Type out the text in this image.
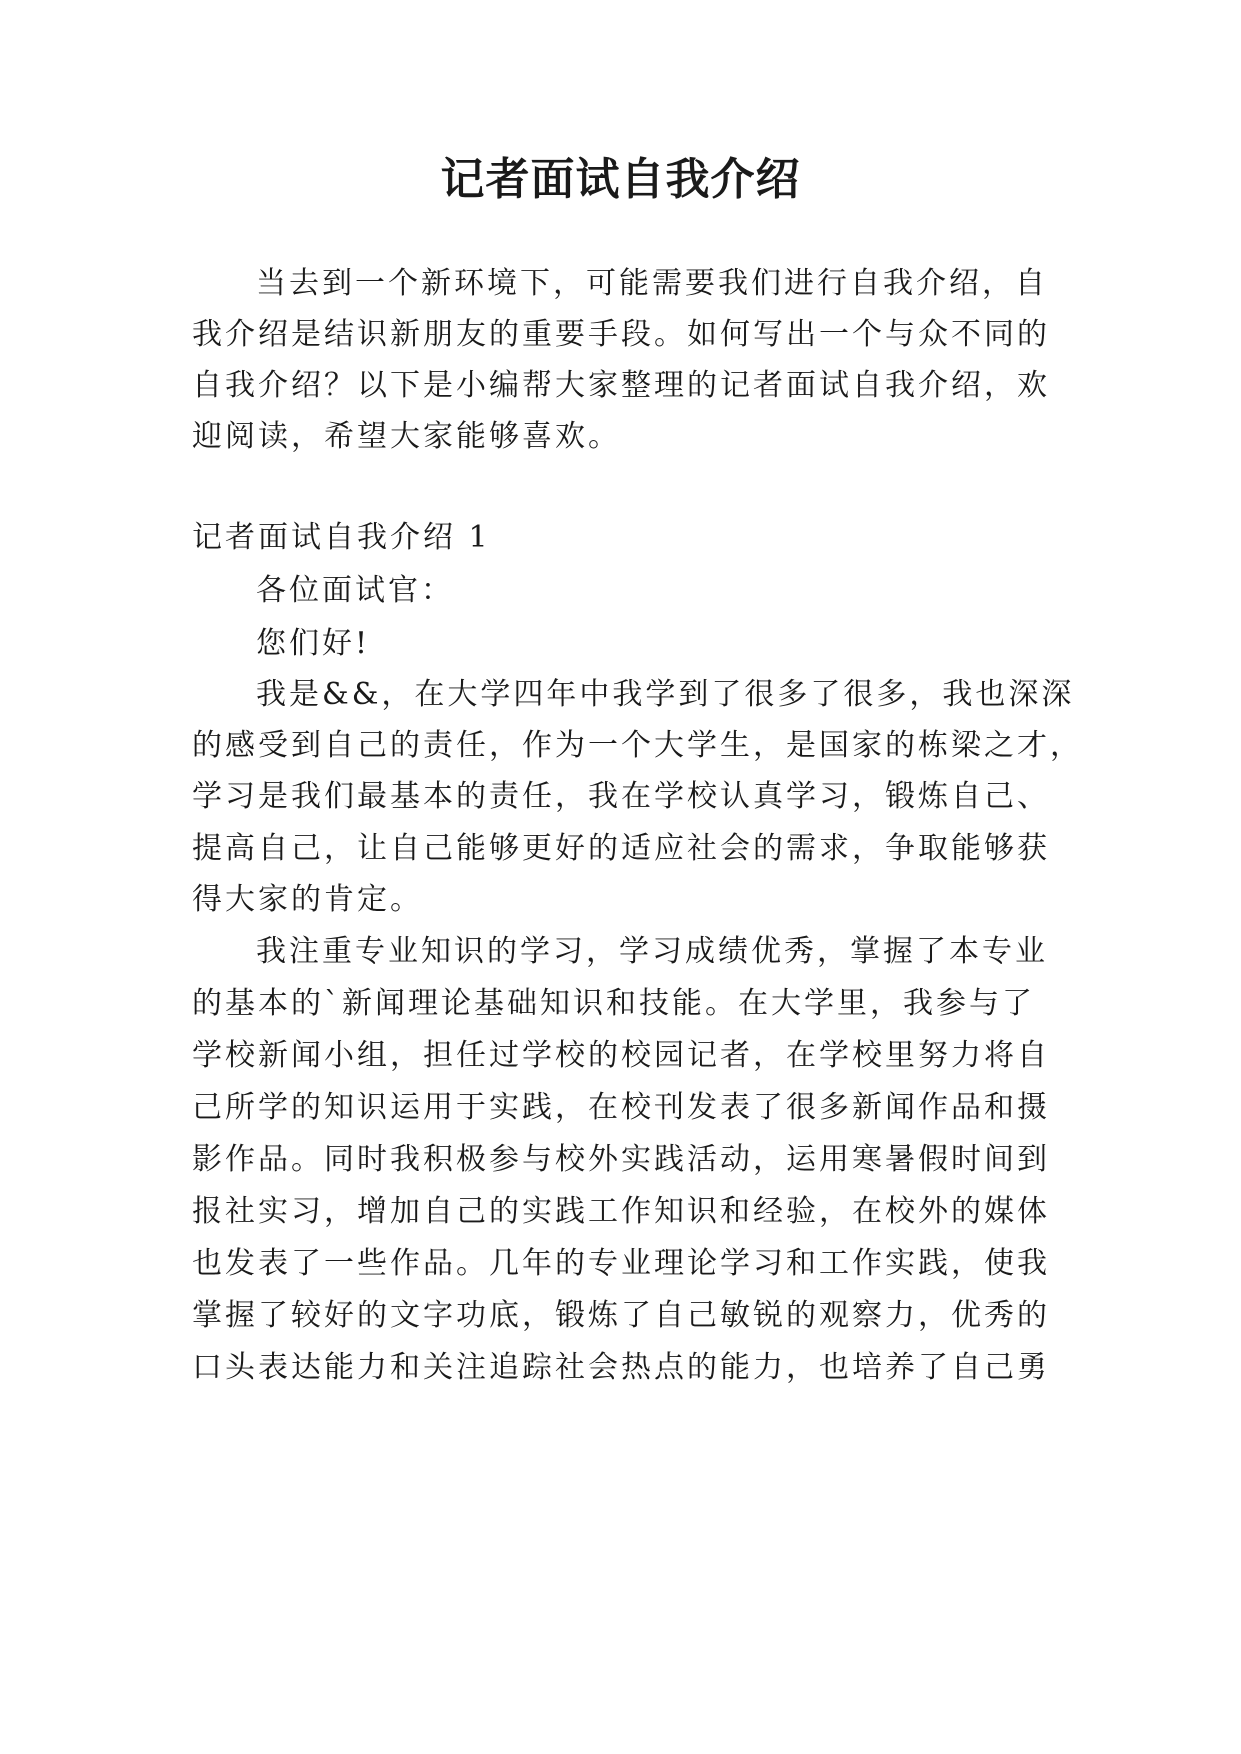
记者面试自我介绍

当去到一个新环境下，可能需要我们进行自我介绍，自

我介绍是结识新朋友的重要手段。如何写出一个与众不同的

自我介绍？以下是小编帮大家整理的记者面试自我介绍，欢

迎阅读，希望大家能够喜欢。

记者面试自我介绍 1

各位面试官：

您们好!

我是&&，在大学四年中我学到了很多了很多，我也深深

的感受到自己的责任，作为一个大学生，是国家的栋梁之才，

学习是我们最基本的责任，我在学校认真学习，锻炼自己、

提高自己，让自己能够更好的适应社会的需求，争取能够获

得大家的肯定。

我注重专业知识的学习，学习成绩优秀，掌握了本专业

的基本的`新闻理论基础知识和技能。在大学里，我参与了

学校新闻小组，担任过学校的校园记者，在学校里努力将自

己所学的知识运用于实践，在校刊发表了很多新闻作品和摄

影作品。同时我积极参与校外实践活动，运用寒暑假时间到

报社实习，增加自己的实践工作知识和经验，在校外的媒体

也发表了一些作品。几年的专业理论学习和工作实践，使我

掌握了较好的文字功底，锻炼了自己敏锐的观察力，优秀的

口头表达能力和关注追踪社会热点的能力，也培养了自己勇
